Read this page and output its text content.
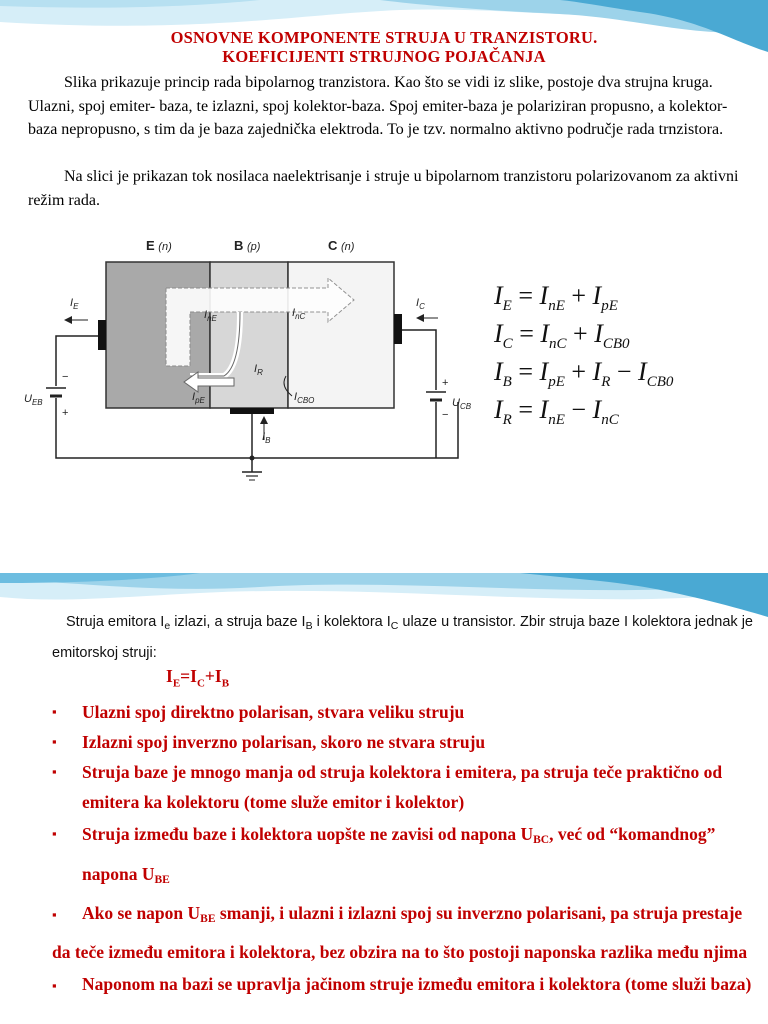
OSNOVNE KOMPONENTE STRUJA U TRANZISTORU.
KOEFICIJENTI STRUJNOG POJAČANJA
Slika prikazuje princip rada bipolarnog tranzistora. Kao što se vidi iz slike, postoje dva strujna kruga. Ulazni, spoj emiter- baza, te izlazni, spoj kolektor-baza. Spoj emiter-baza je polariziran propusno, a kolektor-baza nepropusno, s tim da je baza zajednička elektroda. To je tzv. normalno aktivno područje rada trnzistora.
Na slici je prikazan tok nosilaca naelektrisanje i struje u bipolarnom tranzistoru polarizovanom za aktivni režim rada.
E (n)	B (p)	C (n)
$I_E$	$I_C$
$I_{nE}$	$I_{nC}$
$I_R$
$I_{pE}$	$I_{CBO}$
$I_B$
$U_{EB}$	$U_{CB}$
−
+
+
−
$I_E = I_{nE} + I_{pE}$
$I_C = I_{nC} + I_{CB0}$
$I_B = I_{pE} + I_R - I_{CB0}$
$I_R = I_{nE} - I_{nC}$
Struja emitora $I_e$ izlazi, a struja baze $I_B$ i kolektora $I_C$ ulaze u transistor. Zbir struja baze I kolektora jednak je emitorskoj struji:
$I_E=I_C+I_B$
▪ Ulazni spoj direktno polarisan, stvara veliku struju
▪ Izlazni spoj inverzno polarisan, skoro ne stvara struju
▪ Struja baze je mnogo manja od struja kolektora i emitera, pa struja teče praktično od emitera ka kolektoru (tome služe emitor i kolektor)
▪ Struja između baze i kolektora uopšte ne zavisi od napona $U_{BC}$, već od “komandnog” napona $U_{BE}$
▪ Ako se napon $U_{BE}$ smanji, i ulazni i izlazni spoj su inverzno polarisani, pa struja prestaje da teče između emitora i kolektora, bez obzira na to što postoji naponska razlika među njima
▪ Naponom na bazi se upravlja jačinom struje između emitora i kolektora (tome služi baza)
